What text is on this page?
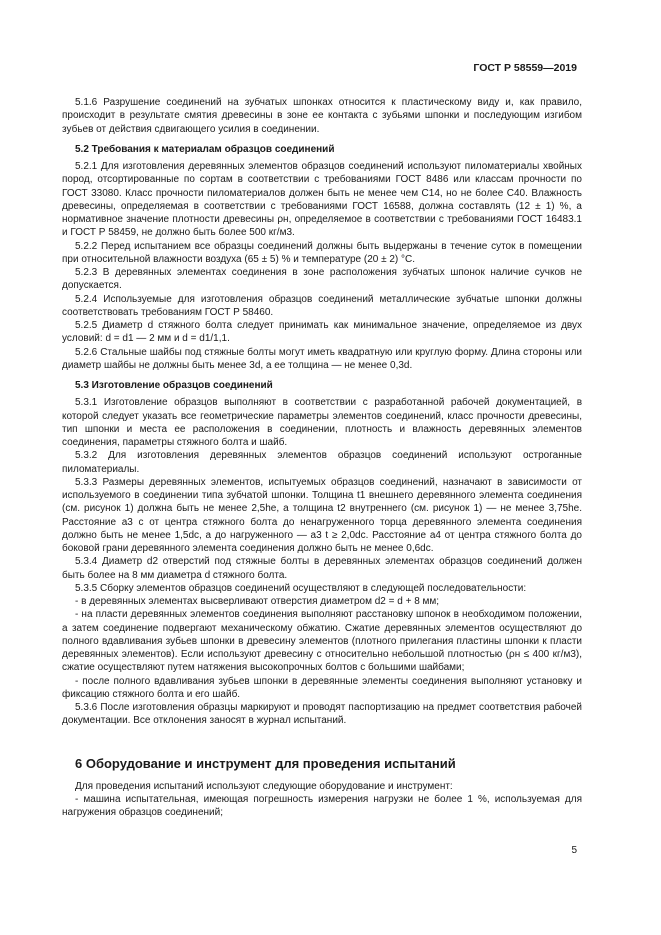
ГОСТ Р 58559—2019

5.1.6 Разрушение соединений на зубчатых шпонках относится к пластическому виду и, как правило, происходит в результате смятия древесины в зоне ее контакта с зубьями шпонки и последующим изгибом зубьев от действия сдвигающего усилия в соединении.

5.2 Требования к материалам образцов соединений

5.2.1 Для изготовления деревянных элементов образцов соединений используют пиломатериалы хвойных пород, отсортированные по сортам в соответствии с требованиями ГОСТ 8486 или классам прочности по ГОСТ 33080. Класс прочности пиломатериалов должен быть не менее чем С14, но не более С40. Влажность древесины, определяемая в соответствии с требованиями ГОСТ 16588, должна составлять (12 ± 1) %, а нормативное значение плотности древесины ρн, определяемое в соответствии с требованиями ГОСТ 16483.1 и ГОСТ Р 58459, не должно быть более 500 кг/м3.

5.2.2 Перед испытанием все образцы соединений должны быть выдержаны в течение суток в помещении при относительной влажности воздуха (65 ± 5) % и температуре (20 ± 2) °С.

5.2.3 В деревянных элементах соединения в зоне расположения зубчатых шпонок наличие сучков не допускается.

5.2.4 Используемые для изготовления образцов соединений металлические зубчатые шпонки должны соответствовать требованиям ГОСТ Р 58460.

5.2.5 Диаметр d стяжного болта следует принимать как минимальное значение, определяемое из двух условий: d = d1 — 2 мм и d = d1/1,1.

5.2.6 Стальные шайбы под стяжные болты могут иметь квадратную или круглую форму. Длина стороны или диаметр шайбы не должны быть менее 3d, а ее толщина — не менее 0,3d.

5.3 Изготовление образцов соединений

5.3.1 Изготовление образцов выполняют в соответствии с разработанной рабочей документацией, в которой следует указать все геометрические параметры элементов соединений, класс прочности древесины, тип шпонки и места ее расположения в соединении, плотность и влажность деревянных элементов соединения, параметры стяжного болта и шайб.

5.3.2 Для изготовления деревянных элементов образцов соединений используют остроганные пиломатериалы.

5.3.3 Размеры деревянных элементов, испытуемых образцов соединений, назначают в зависимости от используемого в соединении типа зубчатой шпонки. Толщина t1 внешнего деревянного элемента соединения (см. рисунок 1) должна быть не менее 2,5he, а толщина t2 внутреннего (см. рисунок 1) — не менее 3,75he. Расстояние a3 c от центра стяжного болта до ненагруженного торца деревянного элемента соединения должно быть не менее 1,5dc, а до нагруженного — a3 t ≥ 2,0dc. Расстояние a4 от центра стяжного болта до боковой грани деревянного элемента соединения должно быть не менее 0,6dc.

5.3.4 Диаметр d2 отверстий под стяжные болты в деревянных элементах образцов соединений должен быть более на 8 мм диаметра d стяжного болта.

5.3.5 Сборку элементов образцов соединений осуществляют в следующей последовательности:

- в деревянных элементах высверливают отверстия диаметром d2 = d + 8 мм;

- на пласти деревянных элементов соединения выполняют расстановку шпонок в необходимом положении, а затем соединение подвергают механическому обжатию. Сжатие деревянных элементов осуществляют до полного вдавливания зубьев шпонки в древесину элементов (плотного прилегания пластины шпонки к пласти деревянных элементов). Если используют древесину с относительно небольшой плотностью (ρн ≤ 400 кг/м3), сжатие осуществляют путем натяжения высокопрочных болтов с большими шайбами;

- после полного вдавливания зубьев шпонки в деревянные элементы соединения выполняют установку и фиксацию стяжного болта и его шайб.

5.3.6 После изготовления образцы маркируют и проводят паспортизацию на предмет соответствия рабочей документации. Все отклонения заносят в журнал испытаний.

6 Оборудование и инструмент для проведения испытаний

Для проведения испытаний используют следующие оборудование и инструмент:

- машина испытательная, имеющая погрешность измерения нагрузки не более 1 %, используемая для нагружения образцов соединений;

5
